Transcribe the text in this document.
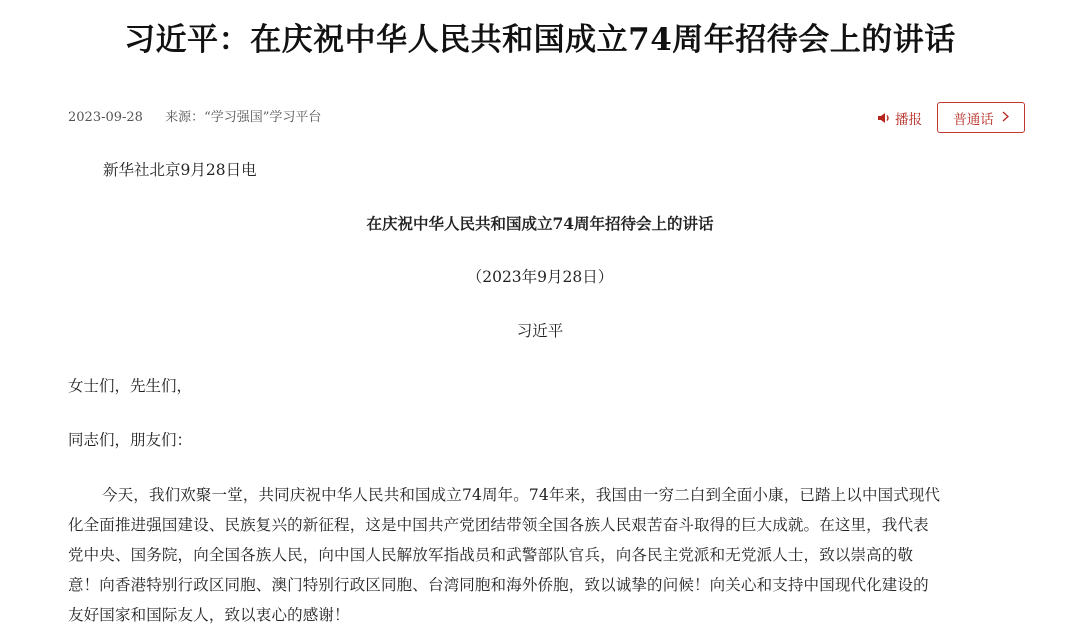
习近平：在庆祝中华人民共和国成立74周年招待会上的讲话
2023-09-28 来源：“学习强国”学习平台	播报 普通话
新华社北京9月28日电
在庆祝中华人民共和国成立74周年招待会上的讲话
（2023年9月28日）
习近平
女士们，先生们，
同志们，朋友们：
今天，我们欢聚一堂，共同庆祝中华人民共和国成立74周年。74年来，我国由一穷二白到全面小康，已踏上以中国式现代
化全面推进强国建设、民族复兴的新征程，这是中国共产党团结带领全国各族人民艰苦奋斗取得的巨大成就。在这里，我代表
党中央、国务院，向全国各族人民，向中国人民解放军指战员和武警部队官兵，向各民主党派和无党派人士，致以崇高的敬
意！向香港特别行政区同胞、澳门特别行政区同胞、台湾同胞和海外侨胞，致以诚挚的问候！向关心和支持中国现代化建设的
友好国家和国际友人，致以衷心的感谢！
